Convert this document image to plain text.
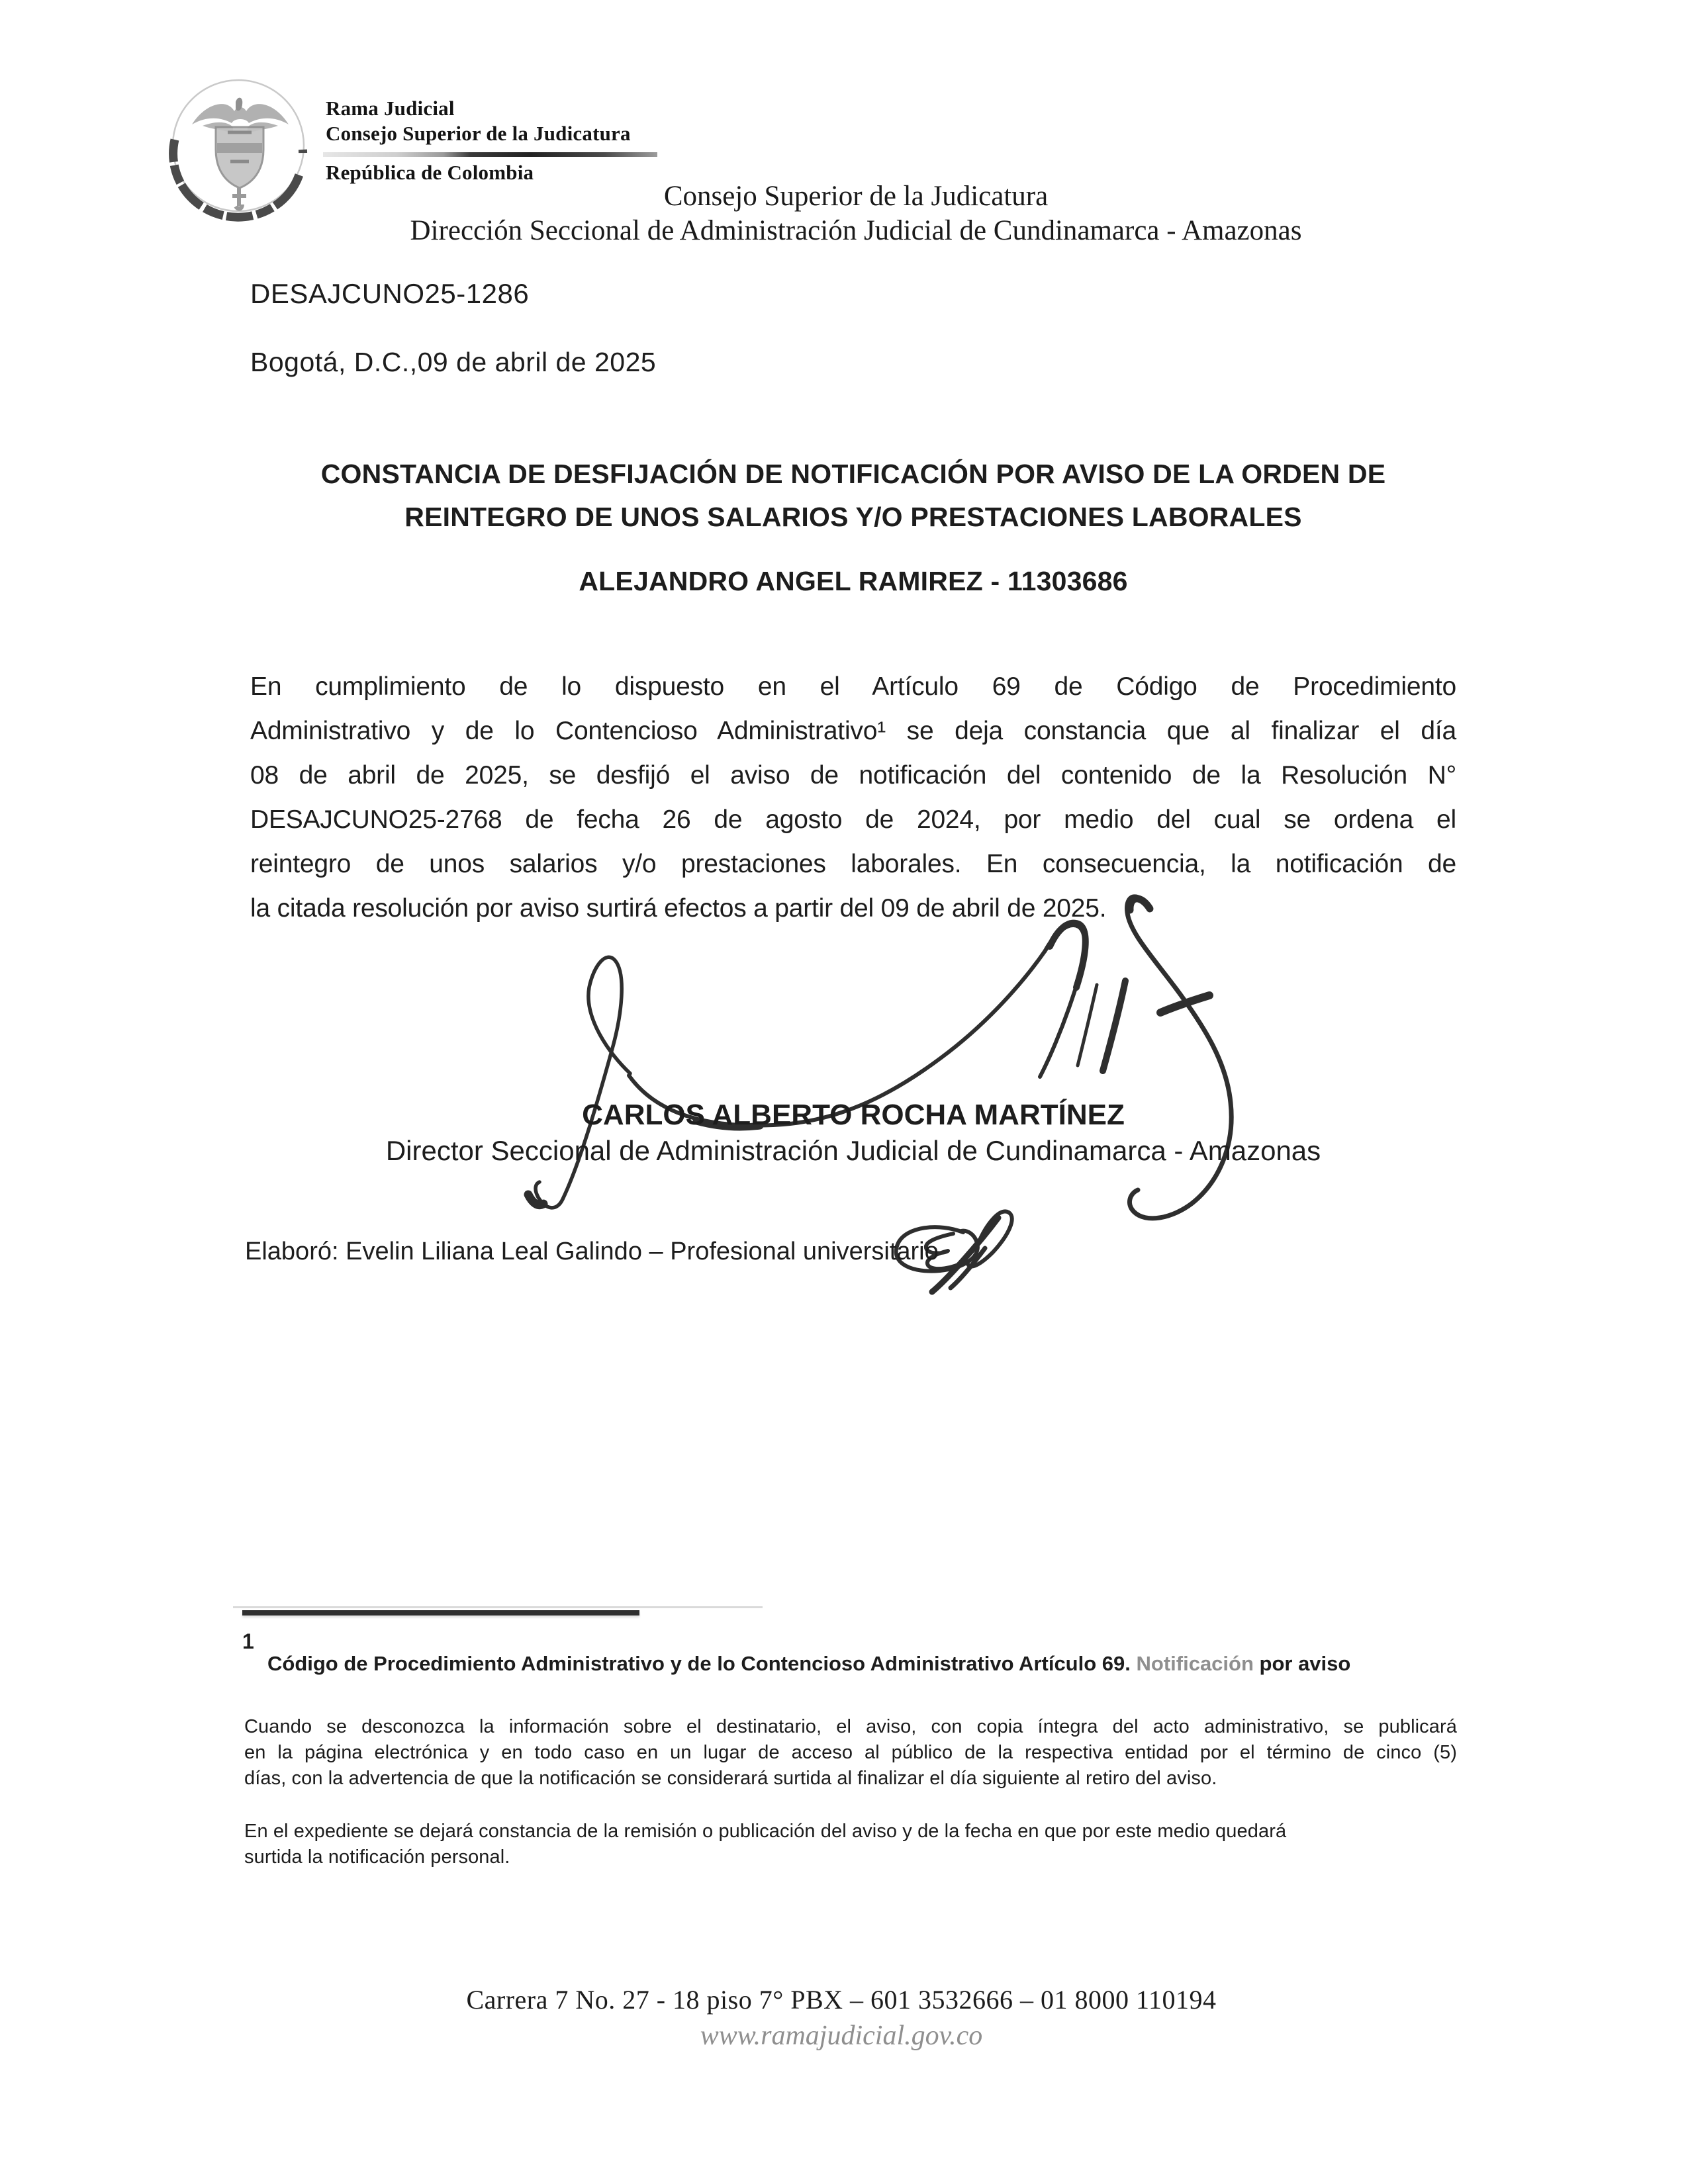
Rama Judicial
Consejo Superior de la Judicatura
República de Colombia
Consejo Superior de la Judicatura
Dirección Seccional de Administración Judicial de Cundinamarca - Amazonas
DESAJCUNO25-1286
Bogotá, D.C.,09 de abril de 2025
CONSTANCIA DE DESFIJACIÓN DE NOTIFICACIÓN POR AVISO DE LA ORDEN DE
REINTEGRO DE UNOS SALARIOS Y/O PRESTACIONES LABORALES
ALEJANDRO ANGEL RAMIREZ - 11303686
En cumplimiento de lo dispuesto en el Artículo 69 de Código de Procedimiento
Administrativo y de lo Contencioso Administrativo¹ se deja constancia que al finalizar el día
08 de abril de 2025, se desfijó el aviso de notificación del contenido de la Resolución N°
DESAJCUNO25-2768 de fecha 26 de agosto de 2024, por medio del cual se ordena el
reintegro de unos salarios y/o prestaciones laborales. En consecuencia, la notificación de
la citada resolución por aviso surtirá efectos a partir del 09 de abril de 2025.
CARLOS ALBERTO ROCHA MARTÍNEZ
Director Seccional de Administración Judicial de Cundinamarca - Amazonas
Elaboró: Evelin Liliana Leal Galindo – Profesional universitario
1
Código de Procedimiento Administrativo y de lo Contencioso Administrativo Artículo 69. Notificación por aviso
Cuando se desconozca la información sobre el destinatario, el aviso, con copia íntegra del acto administrativo, se publicará
en la página electrónica y en todo caso en un lugar de acceso al público de la respectiva entidad por el término de cinco (5)
días, con la advertencia de que la notificación se considerará surtida al finalizar el día siguiente al retiro del aviso.
En el expediente se dejará constancia de la remisión o publicación del aviso y de la fecha en que por este medio quedará
surtida la notificación personal.
Carrera 7 No. 27 - 18 piso 7° PBX – 601 3532666 – 01 8000 110194
www.ramajudicial.gov.co
